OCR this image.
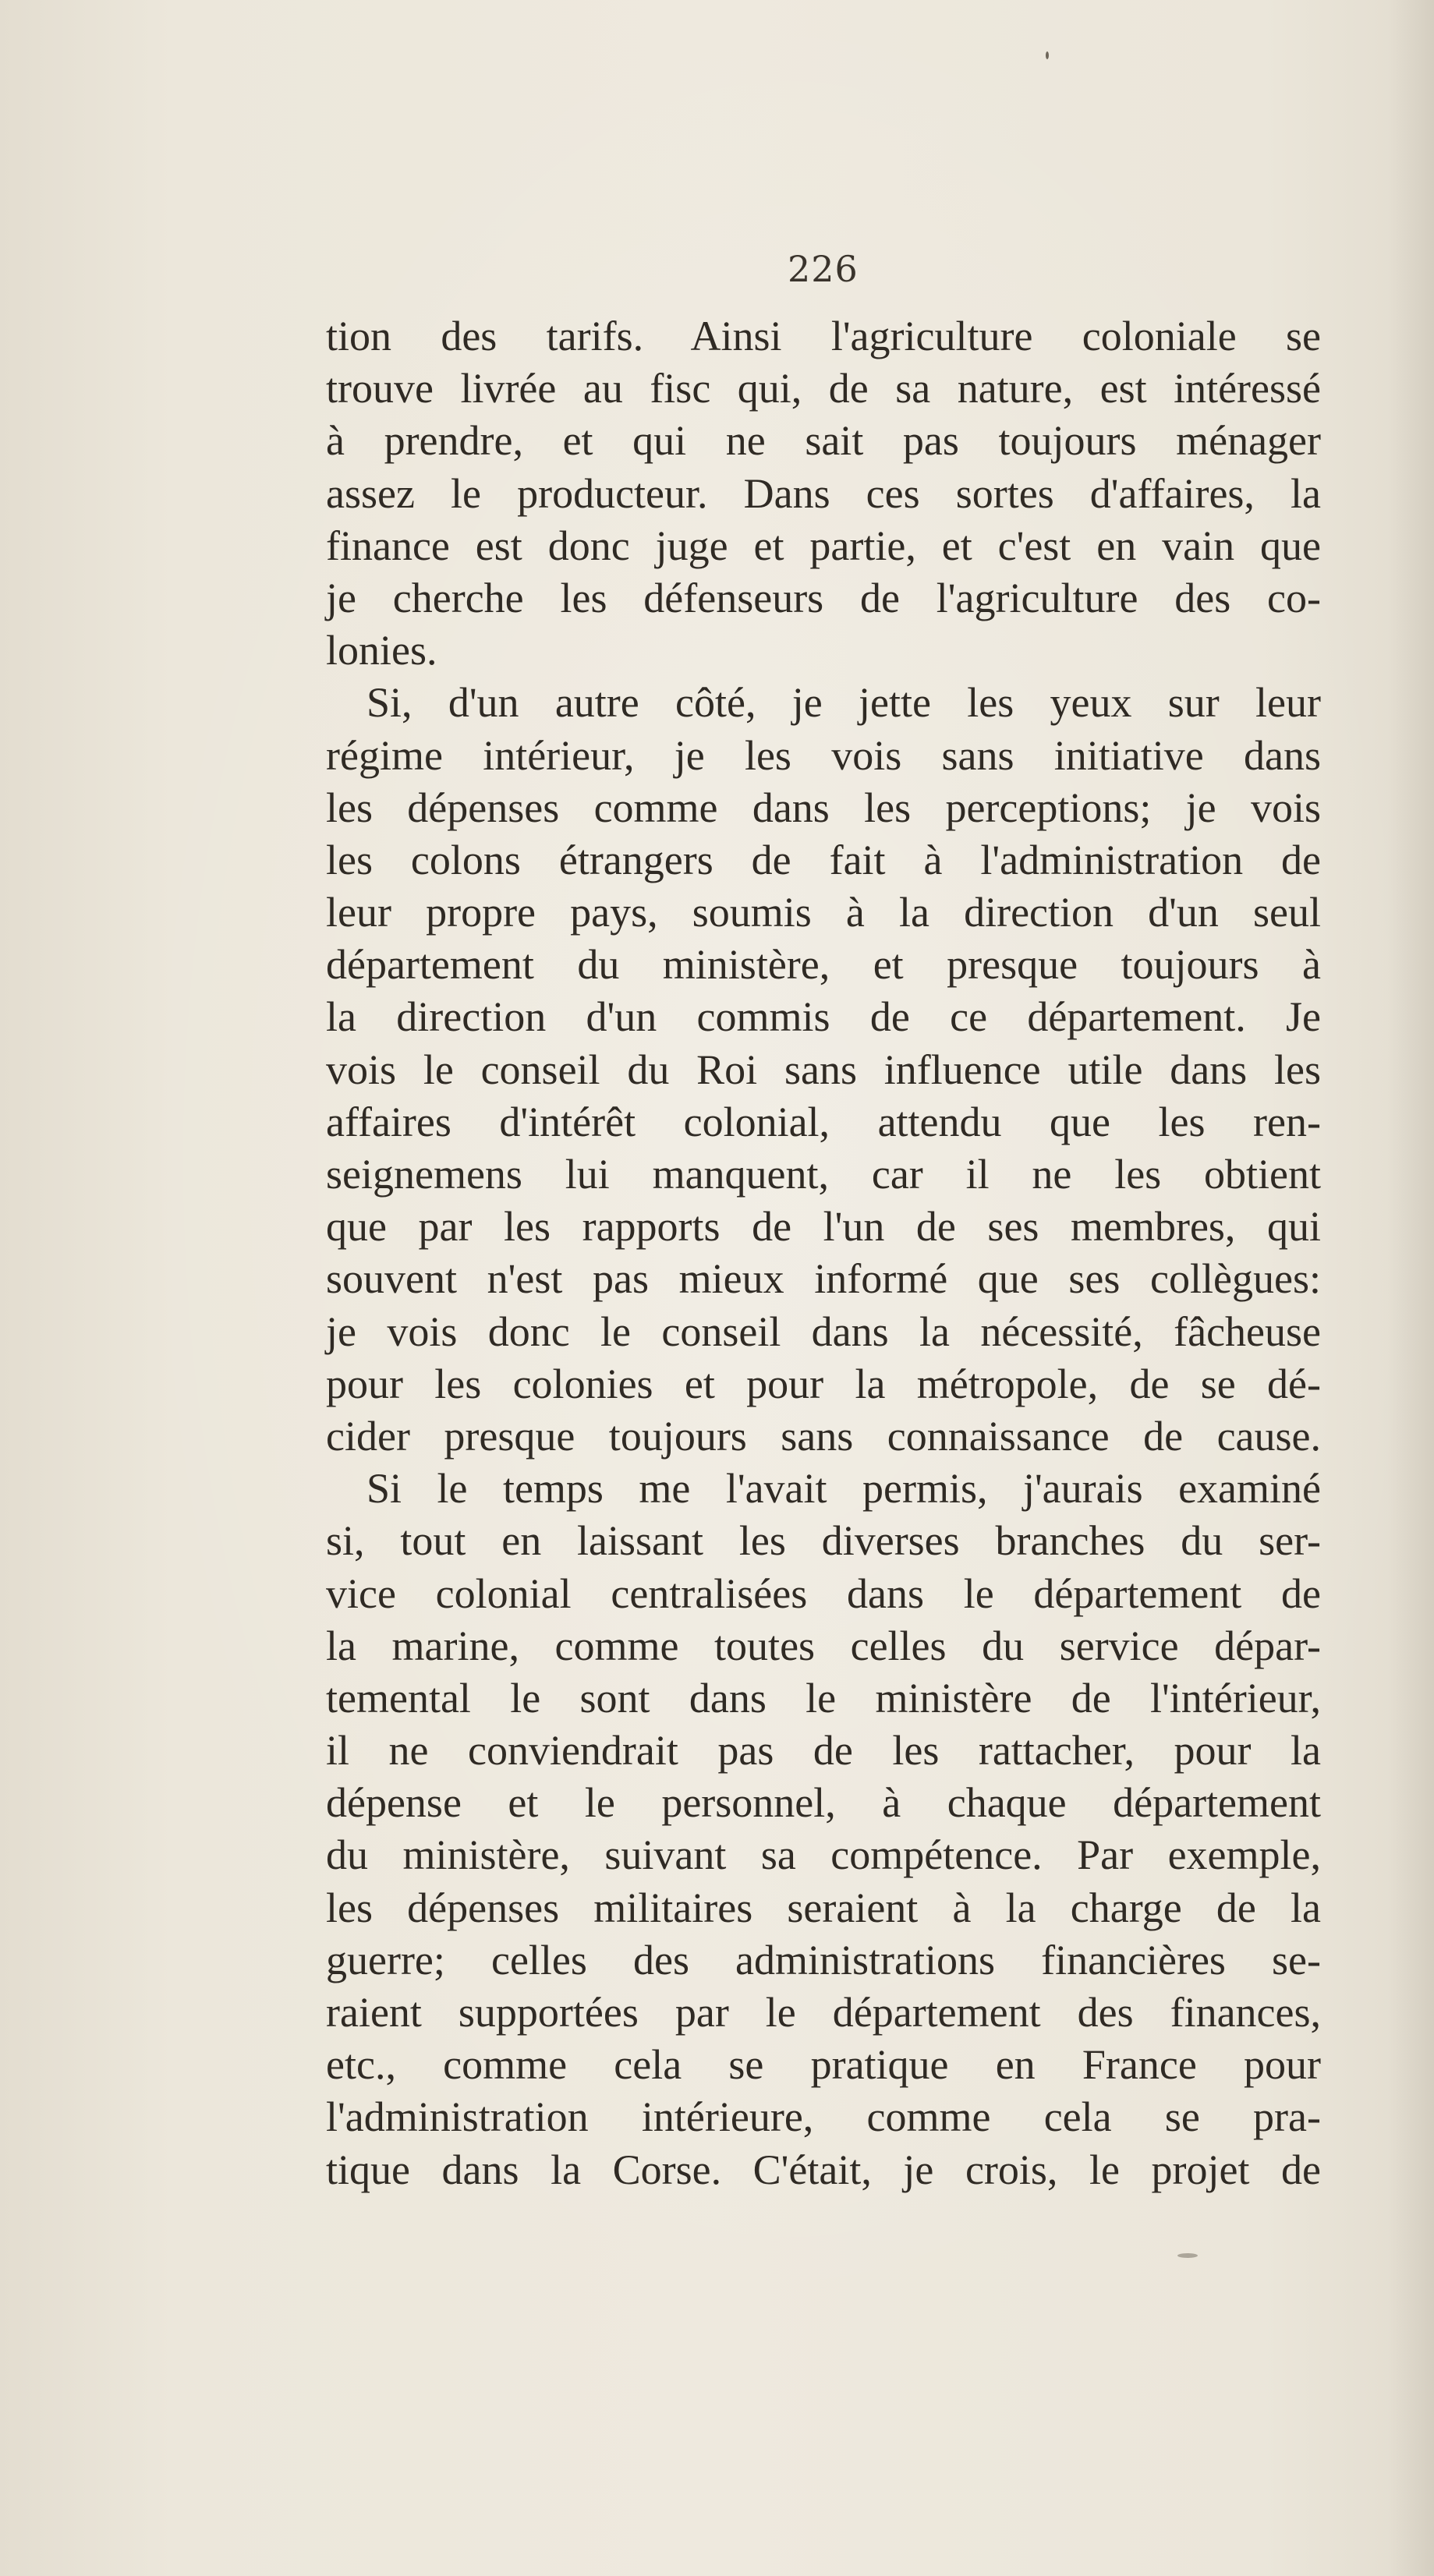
226
tion des tarifs. Ainsi l'agriculture coloniale se
trouve livrée au fisc qui, de sa nature, est intéressé
à prendre, et qui ne sait pas toujours ménager
assez le producteur. Dans ces sortes d'affaires, la
finance est donc juge et partie, et c'est en vain que
je cherche les défenseurs de l'agriculture des co-
lonies.
Si, d'un autre côté, je jette les yeux sur leur
régime intérieur, je les vois sans initiative dans
les dépenses comme dans les perceptions; je vois
les colons étrangers de fait à l'administration de
leur propre pays, soumis à la direction d'un seul
département du ministère, et presque toujours à
la direction d'un commis de ce département. Je
vois le conseil du Roi sans influence utile dans les
affaires d'intérêt colonial, attendu que les ren-
seignemens lui manquent, car il ne les obtient
que par les rapports de l'un de ses membres, qui
souvent n'est pas mieux informé que ses collègues:
je vois donc le conseil dans la nécessité, fâcheuse
pour les colonies et pour la métropole, de se dé-
cider presque toujours sans connaissance de cause.
Si le temps me l'avait permis, j'aurais examiné
si, tout en laissant les diverses branches du ser-
vice colonial centralisées dans le département de
la marine, comme toutes celles du service dépar-
temental le sont dans le ministère de l'intérieur,
il ne conviendrait pas de les rattacher, pour la
dépense et le personnel, à chaque département
du ministère, suivant sa compétence. Par exemple,
les dépenses militaires seraient à la charge de la
guerre; celles des administrations financières se-
raient supportées par le département des finances,
etc., comme cela se pratique en France pour
l'administration intérieure, comme cela se pra-
tique dans la Corse. C'était, je crois, le projet de
